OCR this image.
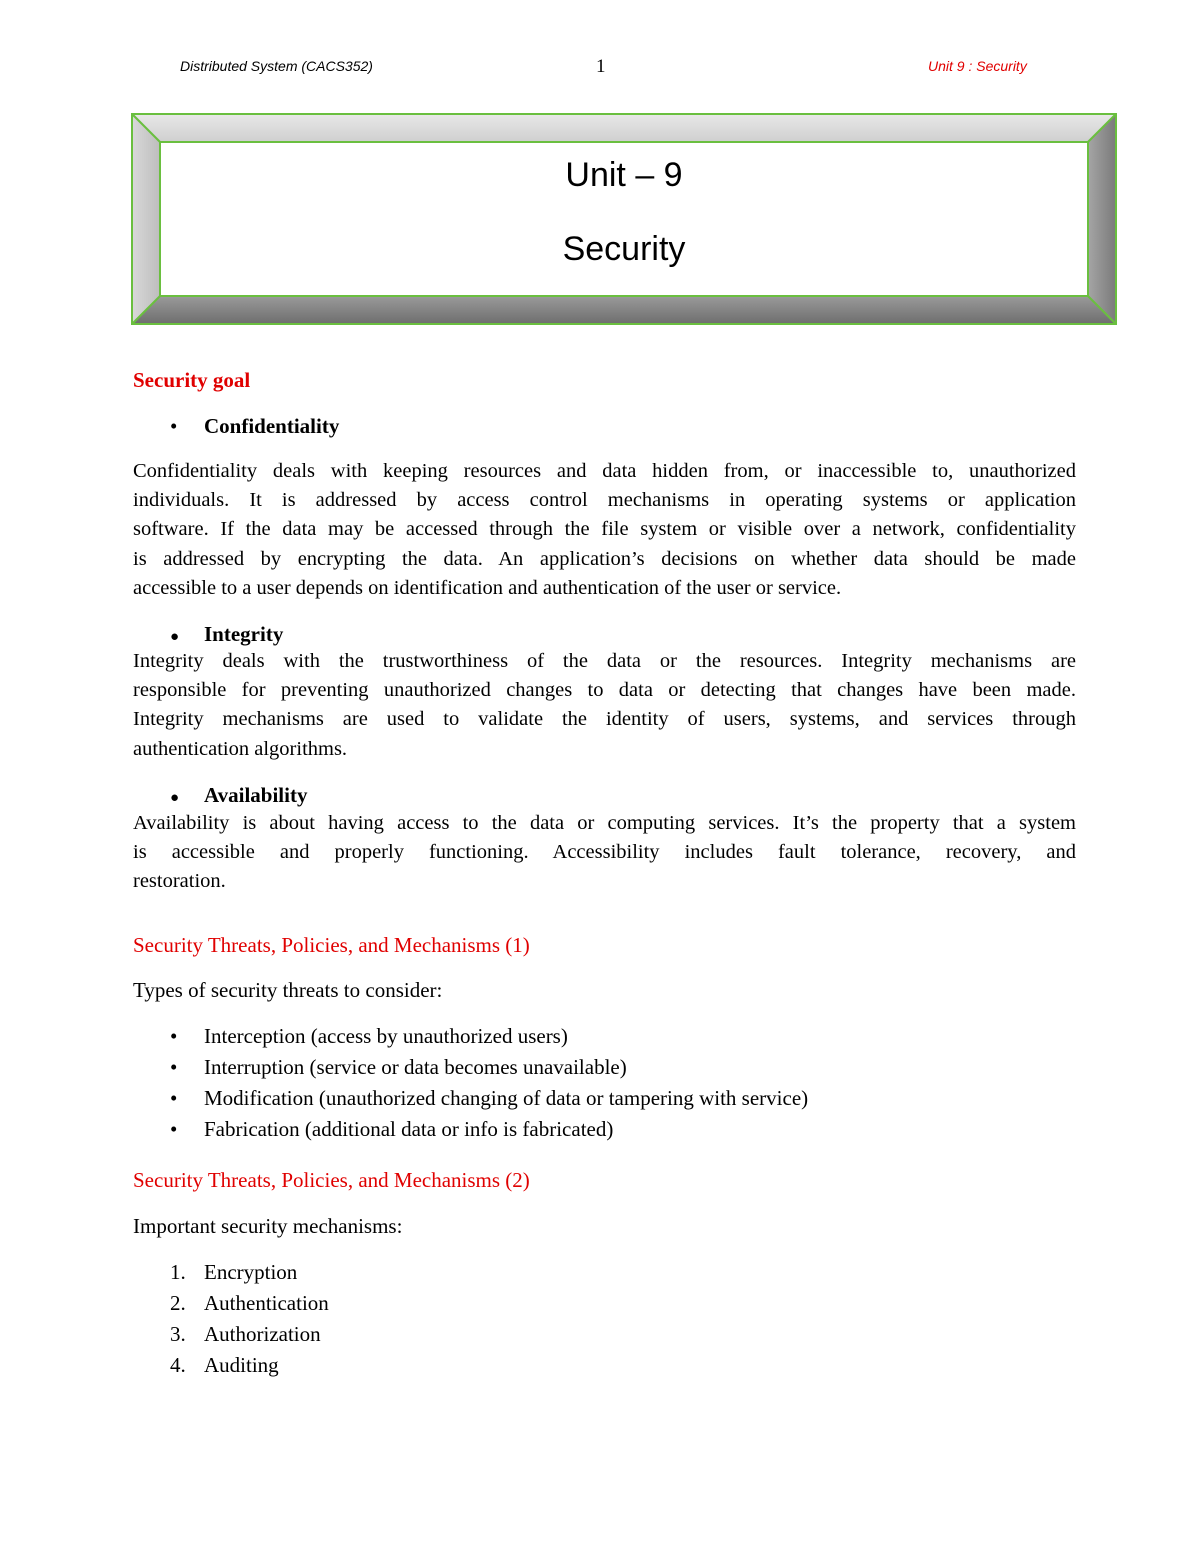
Distributed System (CACS352)	1	Unit 9 : Security
Unit – 9
Security
Security goal
• Confidentiality
Confidentiality deals with keeping resources and data hidden from, or inaccessible to, unauthorized
individuals. It is addressed by access control mechanisms in operating systems or application
software. If the data may be accessed through the file system or visible over a network, confidentiality
is addressed by encrypting the data. An application’s decisions on whether data should be made
accessible to a user depends on identification and authentication of the user or service.
● Integrity
Integrity deals with the trustworthiness of the data or the resources. Integrity mechanisms are
responsible for preventing unauthorized changes to data or detecting that changes have been made.
Integrity mechanisms are used to validate the identity of users, systems, and services through
authentication algorithms.
● Availability
Availability is about having access to the data or computing services. It’s the property that a system
is accessible and properly functioning. Accessibility includes fault tolerance, recovery, and
restoration.
Security Threats, Policies, and Mechanisms (1)
Types of security threats to consider:
• Interception (access by unauthorized users)
• Interruption (service or data becomes unavailable)
• Modification (unauthorized changing of data or tampering with service)
• Fabrication (additional data or info is fabricated)
Security Threats, Policies, and Mechanisms (2)
Important security mechanisms:
1. Encryption
2. Authentication
3. Authorization
4. Auditing
